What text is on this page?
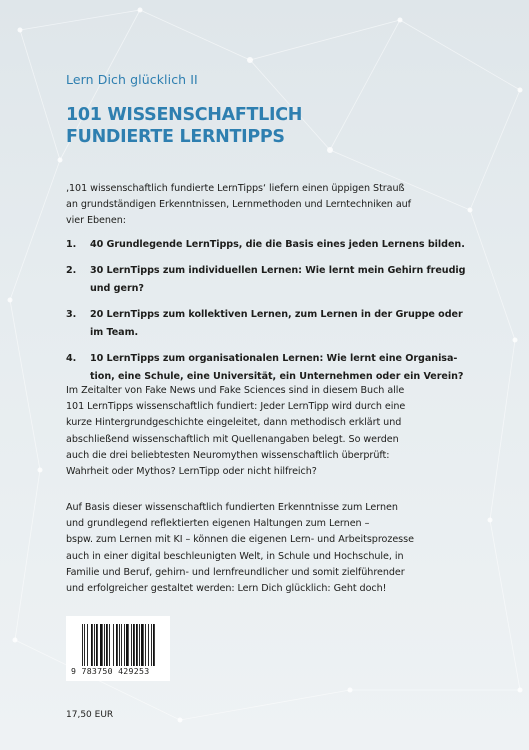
Lern Dich glücklich II
101 WISSENSCHAFTLICH
FUNDIERTE LERNTIPPS
‚101 wissenschaftlich fundierte LernTipps‘ liefern einen üppigen Strauß
an grundständigen Erkenntnissen, Lernmethoden und Lerntechniken auf
vier Ebenen:
1. 40 Grundlegende LernTipps, die die Basis eines jeden Lernens bilden.
2. 30 LernTipps zum individuellen Lernen: Wie lernt mein Gehirn freudig
und gern?
3. 20 LernTipps zum kollektiven Lernen, zum Lernen in der Gruppe oder
im Team.
4. 10 LernTipps zum organisationalen Lernen: Wie lernt eine Organisa-
tion, eine Schule, eine Universität, ein Unternehmen oder ein Verein?
Im Zeitalter von Fake News und Fake Sciences sind in diesem Buch alle
101 LernTipps wissenschaftlich fundiert: Jeder LernTipp wird durch eine
kurze Hintergrundgeschichte eingeleitet, dann methodisch erklärt und
abschließend wissenschaftlich mit Quellenangaben belegt. So werden
auch die drei beliebtesten Neuromythen wissenschaftlich überprüft:
Wahrheit oder Mythos? LernTipp oder nicht hilfreich?
Auf Basis dieser wissenschaftlich fundierten Erkenntnisse zum Lernen
und grundlegend reflektierten eigenen Haltungen zum Lernen –
bspw. zum Lernen mit KI – können die eigenen Lern- und Arbeitsprozesse
auch in einer digital beschleunigten Welt, in Schule und Hochschule, in
Familie und Beruf, gehirn- und lernfreundlicher und somit zielführender
und erfolgreicher gestaltet werden: Lern Dich glücklich: Geht doch!
9 783750 429253
17,50 EUR
